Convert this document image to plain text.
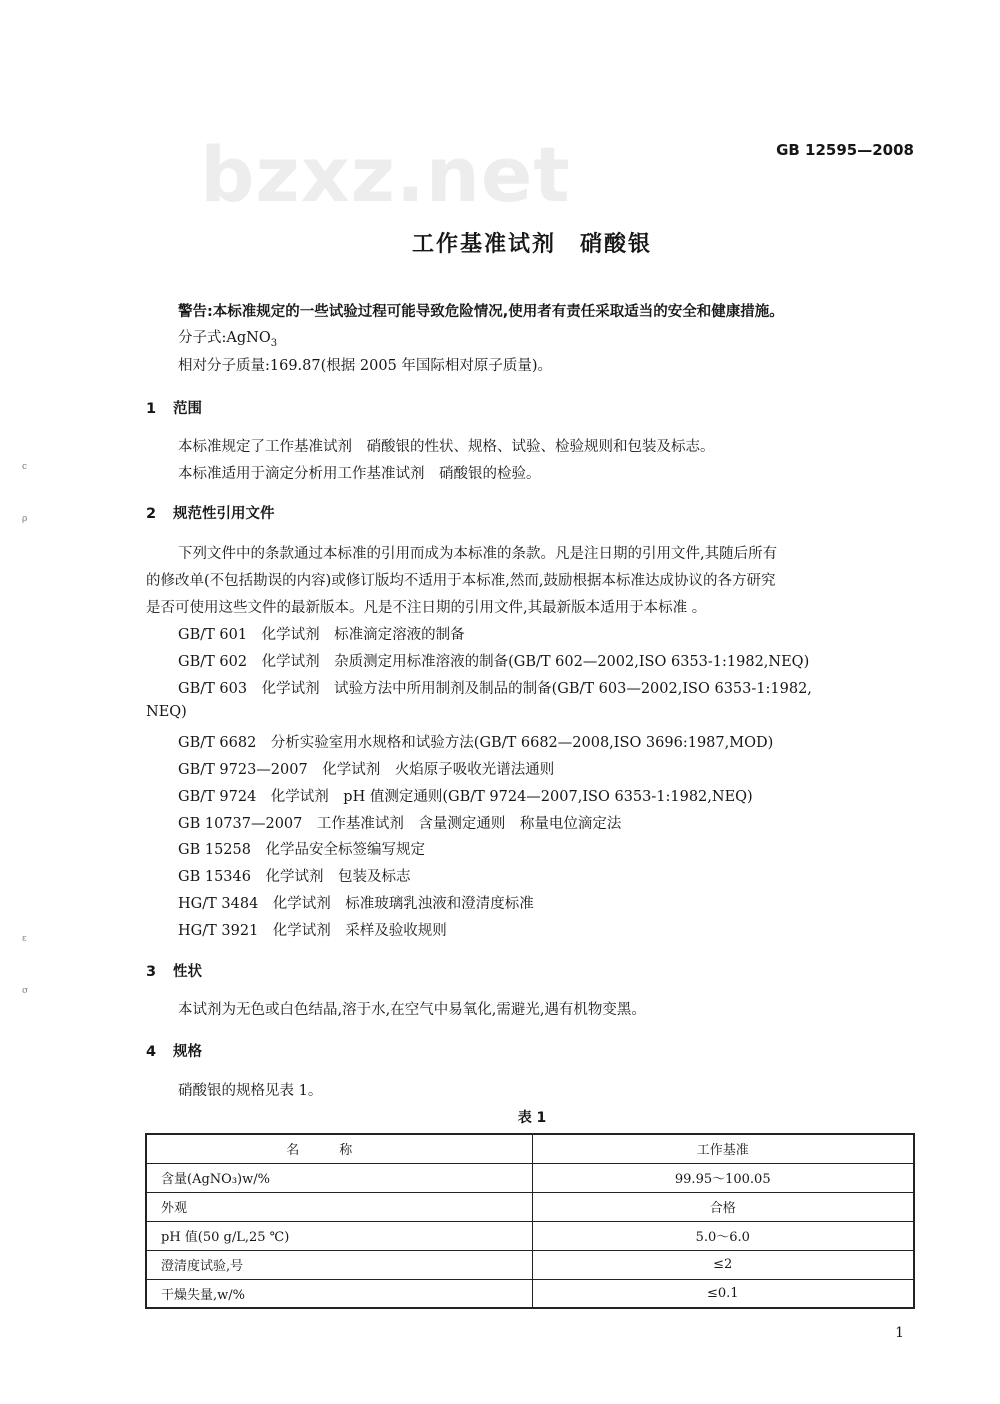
bzxz.net	GB 12595—2008
工作基准试剂　硝酸银
警告:本标准规定的一些试验过程可能导致危险情况,使用者有责任采取适当的安全和健康措施。
分子式:AgNO$_3$
相对分子质量:169.87(根据 2005 年国际相对原子质量)。
1 范围
本标准规定了工作基准试剂　硝酸银的性状、规格、试验、检验规则和包装及标志。
本标准适用于滴定分析用工作基准试剂　硝酸银的检验。
2 规范性引用文件
下列文件中的条款通过本标准的引用而成为本标准的条款。凡是注日期的引用文件,其随后所有
的修改单(不包括勘误的内容)或修订版均不适用于本标准,然而,鼓励根据本标准达成协议的各方研究
是否可使用这些文件的最新版本。凡是不注日期的引用文件,其最新版本适用于本标准 。
GB/T 601　化学试剂　标准滴定溶液的制备
GB/T 602　化学试剂　杂质测定用标准溶液的制备(GB/T 602—2002,ISO 6353-1:1982,NEQ)
GB/T 603　化学试剂　试验方法中所用制剂及制品的制备(GB/T 603—2002,ISO 6353-1:1982,
NEQ)
GB/T 6682　分析实验室用水规格和试验方法(GB/T 6682—2008,ISO 3696:1987,MOD)
GB/T 9723—2007　化学试剂　火焰原子吸收光谱法通则
GB/T 9724　化学试剂　pH 值测定通则(GB/T 9724—2007,ISO 6353-1:1982,NEQ)
GB 10737—2007　工作基准试剂　含量测定通则　称量电位滴定法
GB 15258　化学品安全标签编写规定
GB 15346　化学试剂　包装及标志
HG/T 3484　化学试剂　标准玻璃乳浊液和澄清度标准
HG/T 3921　化学试剂　采样及验收规则
3 性状
本试剂为无色或白色结晶,溶于水,在空气中易氧化,需避光,遇有机物变黑。
4 规格
硝酸银的规格见表 1。
表 1
名称	工作基准
含量(AgNO₃)w/%	99.95～100.05
外观	合格
pH 值(50 g/L,25 ℃)	5.0～6.0
澄清度试验,号	≤2
干燥失量,w/%	≤0.1
c
ρ
ε
σ
1
